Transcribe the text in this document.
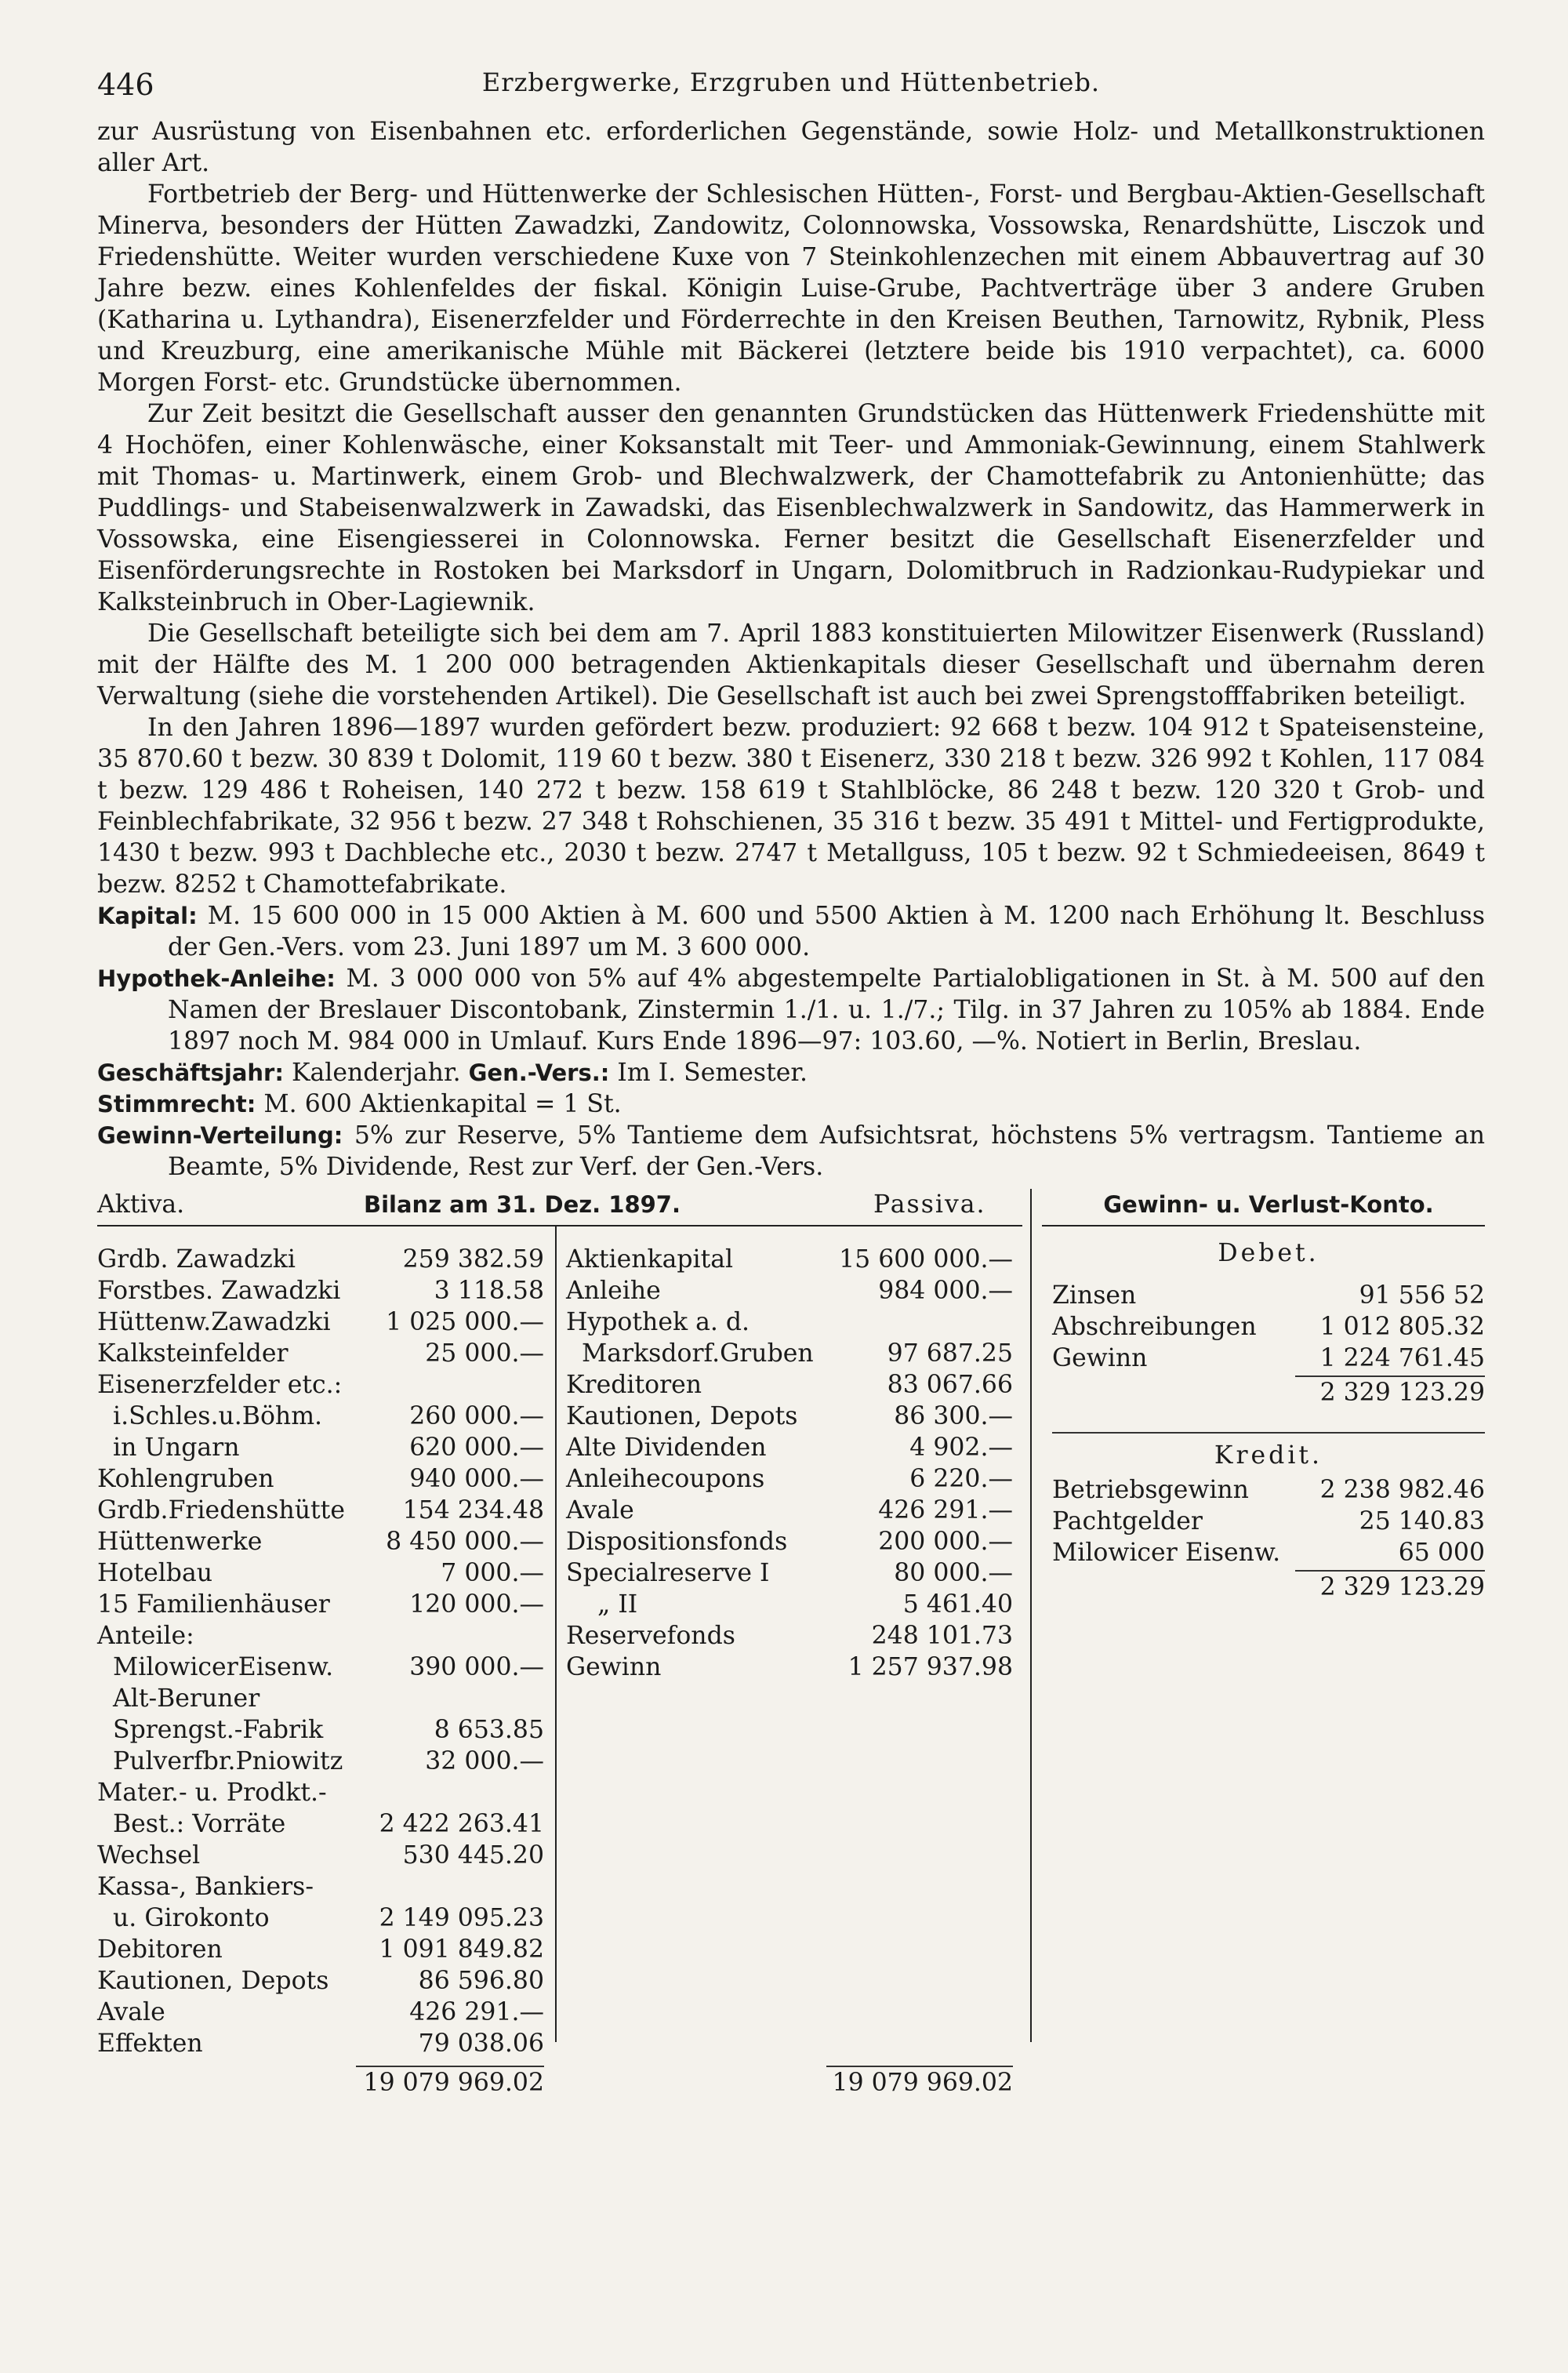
446	Erzbergwerke, Erzgruben und Hüttenbetrieb.

zur Ausrüstung von Eisenbahnen etc. erforderlichen Gegenstände, sowie Holz- und Metallkonstruktionen aller Art.

Fortbetrieb der Berg- und Hüttenwerke der Schlesischen Hütten-, Forst- und Bergbau-Aktien-Gesellschaft Minerva, besonders der Hütten Zawadzki, Zandowitz, Colonnowska, Vossowska, Renardshütte, Lisczok und Friedenshütte. Weiter wurden verschiedene Kuxe von 7 Steinkohlenzechen mit einem Abbauvertrag auf 30 Jahre bezw. eines Kohlenfeldes der fiskal. Königin Luise-Grube, Pachtverträge über 3 andere Gruben (Katharina u. Lythandra), Eisenerzfelder und Förderrechte in den Kreisen Beuthen, Tarnowitz, Rybnik, Pless und Kreuzburg, eine amerikanische Mühle mit Bäckerei (letztere beide bis 1910 verpachtet), ca. 6000 Morgen Forst- etc. Grundstücke übernommen.

Zur Zeit besitzt die Gesellschaft ausser den genannten Grundstücken das Hüttenwerk Friedenshütte mit 4 Hochöfen, einer Kohlenwäsche, einer Koksanstalt mit Teer- und Ammoniak-Gewinnung, einem Stahlwerk mit Thomas- u. Martinwerk, einem Grob- und Blechwalzwerk, der Chamottefabrik zu Antonienhütte; das Puddlings- und Stabeisenwalzwerk in Zawadski, das Eisenblechwalzwerk in Sandowitz, das Hammerwerk in Vossowska, eine Eisengiesserei in Colonnowska. Ferner besitzt die Gesellschaft Eisenerzfelder und Eisenförderungsrechte in Rostoken bei Marksdorf in Ungarn, Dolomitbruch in Radzionkau-Rudypiekar und Kalksteinbruch in Ober-Lagiewnik.

Die Gesellschaft beteiligte sich bei dem am 7. April 1883 konstituierten Milowitzer Eisenwerk (Russland) mit der Hälfte des M. 1 200 000 betragenden Aktienkapitals dieser Gesellschaft und übernahm deren Verwaltung (siehe die vorstehenden Artikel). Die Gesellschaft ist auch bei zwei Sprengstofffabriken beteiligt.

In den Jahren 1896—1897 wurden gefördert bezw. produziert: 92 668 t bezw. 104 912 t Spateisensteine, 35 870.60 t bezw. 30 839 t Dolomit, 119 60 t bezw. 380 t Eisenerz, 330 218 t bezw. 326 992 t Kohlen, 117 084 t bezw. 129 486 t Roheisen, 140 272 t bezw. 158 619 t Stahlblöcke, 86 248 t bezw. 120 320 t Grob- und Feinblechfabrikate, 32 956 t bezw. 27 348 t Rohschienen, 35 316 t bezw. 35 491 t Mittel- und Fertigprodukte, 1430 t bezw. 993 t Dachbleche etc., 2030 t bezw. 2747 t Metallguss, 105 t bezw. 92 t Schmiedeeisen, 8649 t bezw. 8252 t Chamottefabrikate.

Kapital: M. 15 600 000 in 15 000 Aktien à M. 600 und 5500 Aktien à M. 1200 nach Erhöhung lt. Beschluss der Gen.-Vers. vom 23. Juni 1897 um M. 3 600 000.

Hypothek-Anleihe: M. 3 000 000 von 5% auf 4% abgestempelte Partialobligationen in St. à M. 500 auf den Namen der Breslauer Discontobank, Zinstermin 1./1. u. 1./7.; Tilg. in 37 Jahren zu 105% ab 1884. Ende 1897 noch M. 984 000 in Umlauf. Kurs Ende 1896—97: 103.60, —%. Notiert in Berlin, Breslau.

Geschäftsjahr: Kalenderjahr. Gen.-Vers.: Im I. Semester.

Stimmrecht: M. 600 Aktienkapital = 1 St.

Gewinn-Verteilung: 5% zur Reserve, 5% Tantieme dem Aufsichtsrat, höchstens 5% vertragsm. Tantieme an Beamte, 5% Dividende, Rest zur Verf. der Gen.-Vers.

Aktiva.	Bilanz am 31. Dez. 1897.	Passiva.	Gewinn- u. Verlust-Konto.
Grdb. Zawadzki	259 382.59
Forstbes. Zawadzki	3 118.58
Hüttenw.Zawadzki 1 025 000.—
Kalksteinfelder	25 000.—
Eisenerzfelder etc.:
i.Schles.u.Böhm.	260 000.—
in Ungarn	620 000.—
Kohlengruben	940 000.—
Grdb.Friedenshütte 154 234.48
Hüttenwerke	8 450 000.—
Hotelbau	7 000.—
15 Familienhäuser	120 000.—
Anteile:
MilowicerEisenw.	390 000.—
Alt-Beruner
Sprengst.-Fabrik	8 653.85
Pulverfbr.Pniowitz	32 000.—
Mater.- u. Prodkt.-
Best.: Vorräte	2 422 263.41
Wechsel	530 445.20
Kassa-, Bankiers-
u. Girokonto	2 149 095.23
Debitoren	1 091 849.82
Kautionen, Depots	86 596.80
Avale	426 291.—
Effekten	79 038.06
Aktienkapital	15 600 000.—
Anleihe	984 000.—
Hypothek a. d.
Marksdorf.Gruben	97 687.25
Kreditoren	83 067.66
Kautionen, Depots	86 300.—
Alte Dividenden	4 902.—
Anleihecoupons	6 220.—
Avale	426 291.—
Dispositionsfonds	200 000.—
Specialreserve I	80 000.—
„ II	5 461.40
Reservefonds	248 101.73
Gewinn	1 257 937.98
19 079 969.02	19 079 969.02
Debet.
Zinsen	91 556 52
Abschreibungen	1 012 805.32
Gewinn	1 224 761.45
2 329 123.29
Kredit.
Betriebsgewinn	2 238 982.46
Pachtgelder	25 140.83
Milowicer Eisenw.	65 000
2 329 123.29
